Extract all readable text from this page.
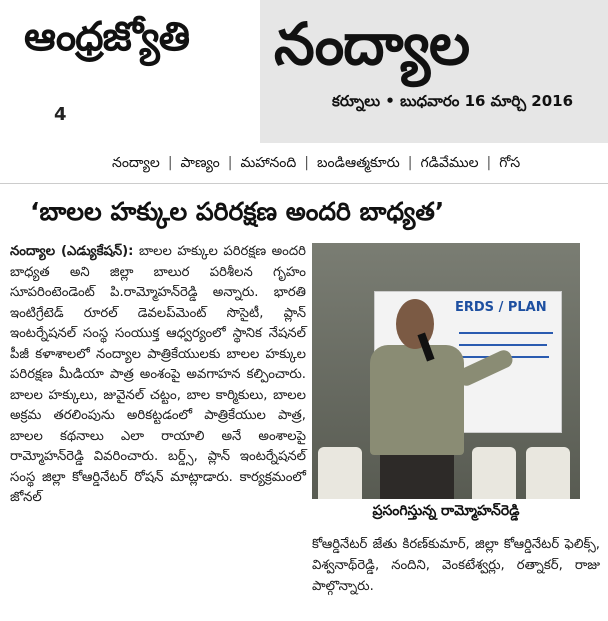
ఆంధ్రజ్యోతి
4
నంద్యాల
కర్నూలు • బుధవారం 16 మార్చి 2016
నంద్యాల | పాణ్యం | మహానంది | బండిఆత్మకూరు | గడివేముల | గోస
‘బాలల హక్కుల పరిరక్షణ అందరి బాధ్యత’
నంద్యాల (ఎడ్యుకేషన్): బాలల హక్కుల పరిరక్షణ అందరి బాధ్యత అని జిల్లా బాలుర పరిశీలన గృహం సూపరింటెండెంట్ పి.రామ్మోహన్‌రెడ్డి అన్నారు. భారతి ఇంటిగ్రేటెడ్ రూరల్ డెవలప్‌మెంట్ సొసైటీ, ప్లాన్ ఇంటర్నేషనల్ సంస్థ సంయుక్త ఆధ్వర్యంలో స్థానిక నేషనల్ పీజీ కళాశాలలో నంద్యాల పాత్రికేయులకు బాలల హక్కుల పరిరక్షణ మీడియా పాత్ర అంశంపై అవగాహన కల్పించారు. బాలల హక్కులు, జువైనల్ చట్టం, బాల కార్మికులు, బాలల అక్రమ తరలింపును అరికట్టడంలో పాత్రికేయుల పాత్ర, బాలల కథనాలు ఎలా రాయాలి అనే అంశాలపై రామ్మోహన్‌రెడ్డి వివరించారు. బర్డ్స్, ప్లాన్ ఇంటర్నేషనల్ సంస్థ జిల్లా కోఆర్డినేటర్ రోషన్ మాట్లాడారు. కార్యక్రమంలో జోనల్
ERDS / PLAN
ప్రసంగిస్తున్న రామ్మోహన్‌రెడ్డి
కోఆర్డినేటర్ జేతు కిరణ్‌కుమార్, జిల్లా కోఆర్డినేటర్ ఫెలిక్స్, విశ్వనాథ్‌రెడ్డి, నందిని, వెంకటేశ్వర్లు, రత్నాకర్, రాజు పాల్గొన్నారు.
